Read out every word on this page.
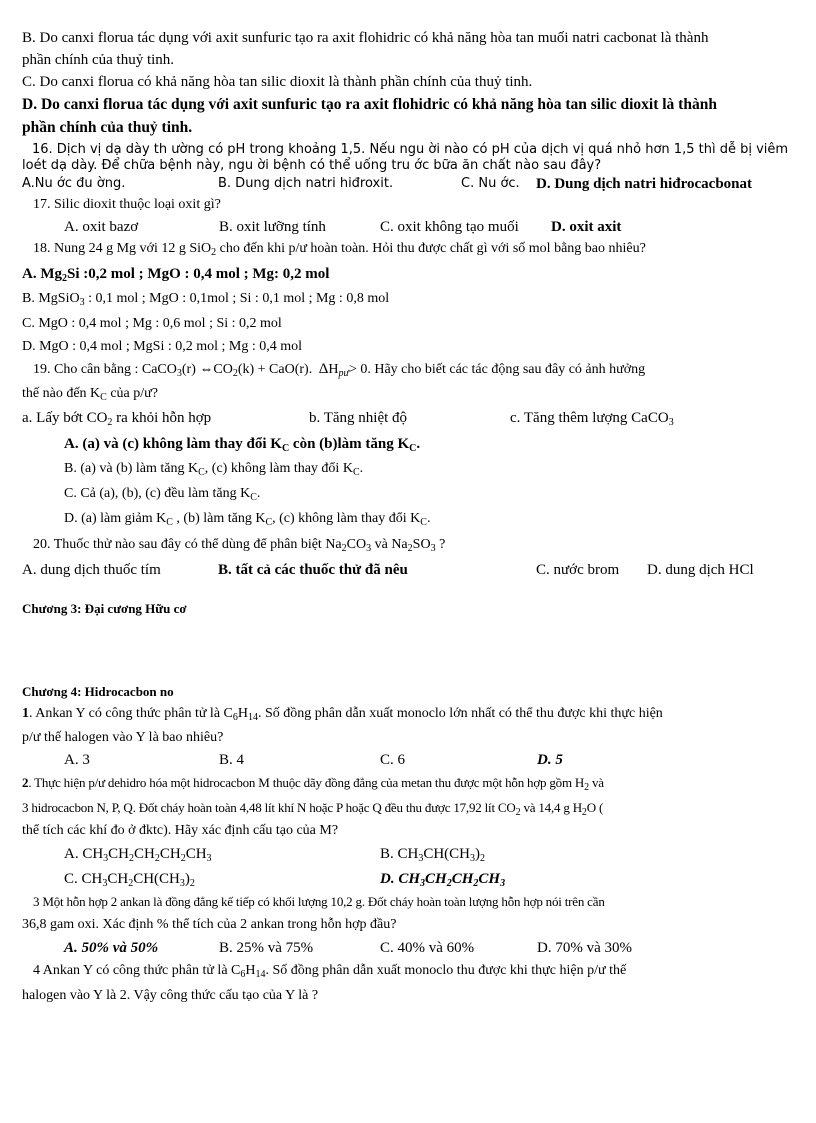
B. Do canxi florua tác dụng với axit sunfuric tạo ra axit flohidric có khả năng hòa tan muối natri cacbonat là thành
phần chính của thuỷ tinh.
C. Do canxi florua có khả năng hòa tan silic dioxit là thành phần chính của thuỷ tinh.
D. Do canxi florua tác dụng với axit sunfuric tạo ra axit flohidric có khả năng hòa tan silic dioxit là thành
phần chính của thuỷ tinh.
16. Dịch vị dạ dày th ường có pH trong khoảng 1,5. Nếu ngu ời nào có pH của dịch vị quá nhỏ hơn 1,5 thì dễ bị viêm
loét dạ dày. Để chữa bệnh này, ngu ời bệnh có thể uống tru ớc bữa ăn chất nào sau đây?
A.Nu ớc đu ờng.	B. Dung dịch natri hiđroxit.	C. Nu ớc. D. Dung dịch natri hiđrocacbonat
17. Silic dioxit thuộc loại oxit gì?
A. oxit bazơ	B. oxit lưỡng tính	C. oxit không tạo muối D. oxit axit
18. Nung 24 g Mg với 12 g SiO$_2$ cho đến khi p/ư hoàn toàn. Hỏi thu được chất gì với số mol bằng bao nhiêu?
A. $Mg_2Si$ :0,2 mol ; MgO : 0,4 mol ; Mg: 0,2 mol
B. MgSiO$_3$ : 0,1 mol ; MgO : 0,1mol ; Si : 0,1 mol ; Mg : 0,8 mol
C. MgO : 0,4 mol ; Mg : 0,6 mol ; Si : 0,2 mol
D. MgO : 0,4 mol ; MgSi : 0,2 mol ; Mg : 0,4 mol
19. Cho cân bằng : CaCO$_3$(r) $\Leftrightarrow CO_2(k) + CaO(r)$. $\Delta H_{pư}> 0$. Hãy cho biết các tác động sau đây có ảnh hưởng
thế nào đến $K_C$ của p/ư?
a. Lấy bớt $CO_2$ ra khỏi hỗn hợp	b. Tăng nhiệt độ	c. Tăng thêm lượng CaCO$_3$
A. (a) và (c) không làm thay đổi $K_C$ còn (b)làm tăng $K_C$.
B. (a) và (b) làm tăng $K_C$, (c) không làm thay đổi $K_C$.
C. Cả (a), (b), (c) đều làm tăng $K_C$.
D. (a) làm giảm $K_C$ , (b) làm tăng $K_C$, (c) không làm thay đổi $K_C$.
20. Thuốc thử nào sau đây có thể dùng để phân biệt $Na_2CO_3$ và $Na_2SO_3$ ?
A. dung dịch thuốc tím	B. tất cả các thuốc thử đã nêu	C. nước brom D. dung dịch HCl
Chương 3: Đại cương Hữu cơ
Chương 4: Hidrocacbon no
1. Ankan Y có công thức phân tử là $C_6H_{14}$. Số đồng phân dẫn xuất monoclo lớn nhất có thể thu được khi thực hiện
p/ư thế halogen vào Y là bao nhiêu?
A. 3	B. 4	C. 6	D. 5
2. Thực hiện p/ư dehidro hóa một hidrocacbon M thuộc dãy đồng đẳng của metan thu được một hỗn hợp gồm $H_2$ và
3 hidrocacbon N, P, Q. Đốt cháy hoàn toàn 4,48 lít khí N hoặc P hoặc Q đều thu được 17,92 lít $CO_2$ và 14,4 g $H_2O$ (
thể tích các khí đo ở đktc). Hãy xác định cấu tạo của M?
A. $CH_3CH_2CH_2CH_2CH_3$	B. $CH_3CH(CH_3)_2$
C. $CH_3CH_2CH(CH_3)_2$	D. $CH_3CH_2CH_2CH_3$
3 Một hỗn hợp 2 ankan là đồng đẳng kế tiếp có khối lượng 10,2 g. Đốt cháy hoàn toàn lượng hỗn hợp nói trên cần
36,8 gam oxi. Xác định % thể tích của 2 ankan trong hỗn hợp đầu?
A. 50% và 50%	B. 25% và 75%	C. 40% và 60%	D. 70% và 30%
4 Ankan Y có công thức phân tử là $C_6H_{14}$. Số đồng phân dẫn xuất monoclo thu được khi thực hiện p/ư thế
halogen vào Y là 2. Vậy công thức cấu tạo của Y là ?
